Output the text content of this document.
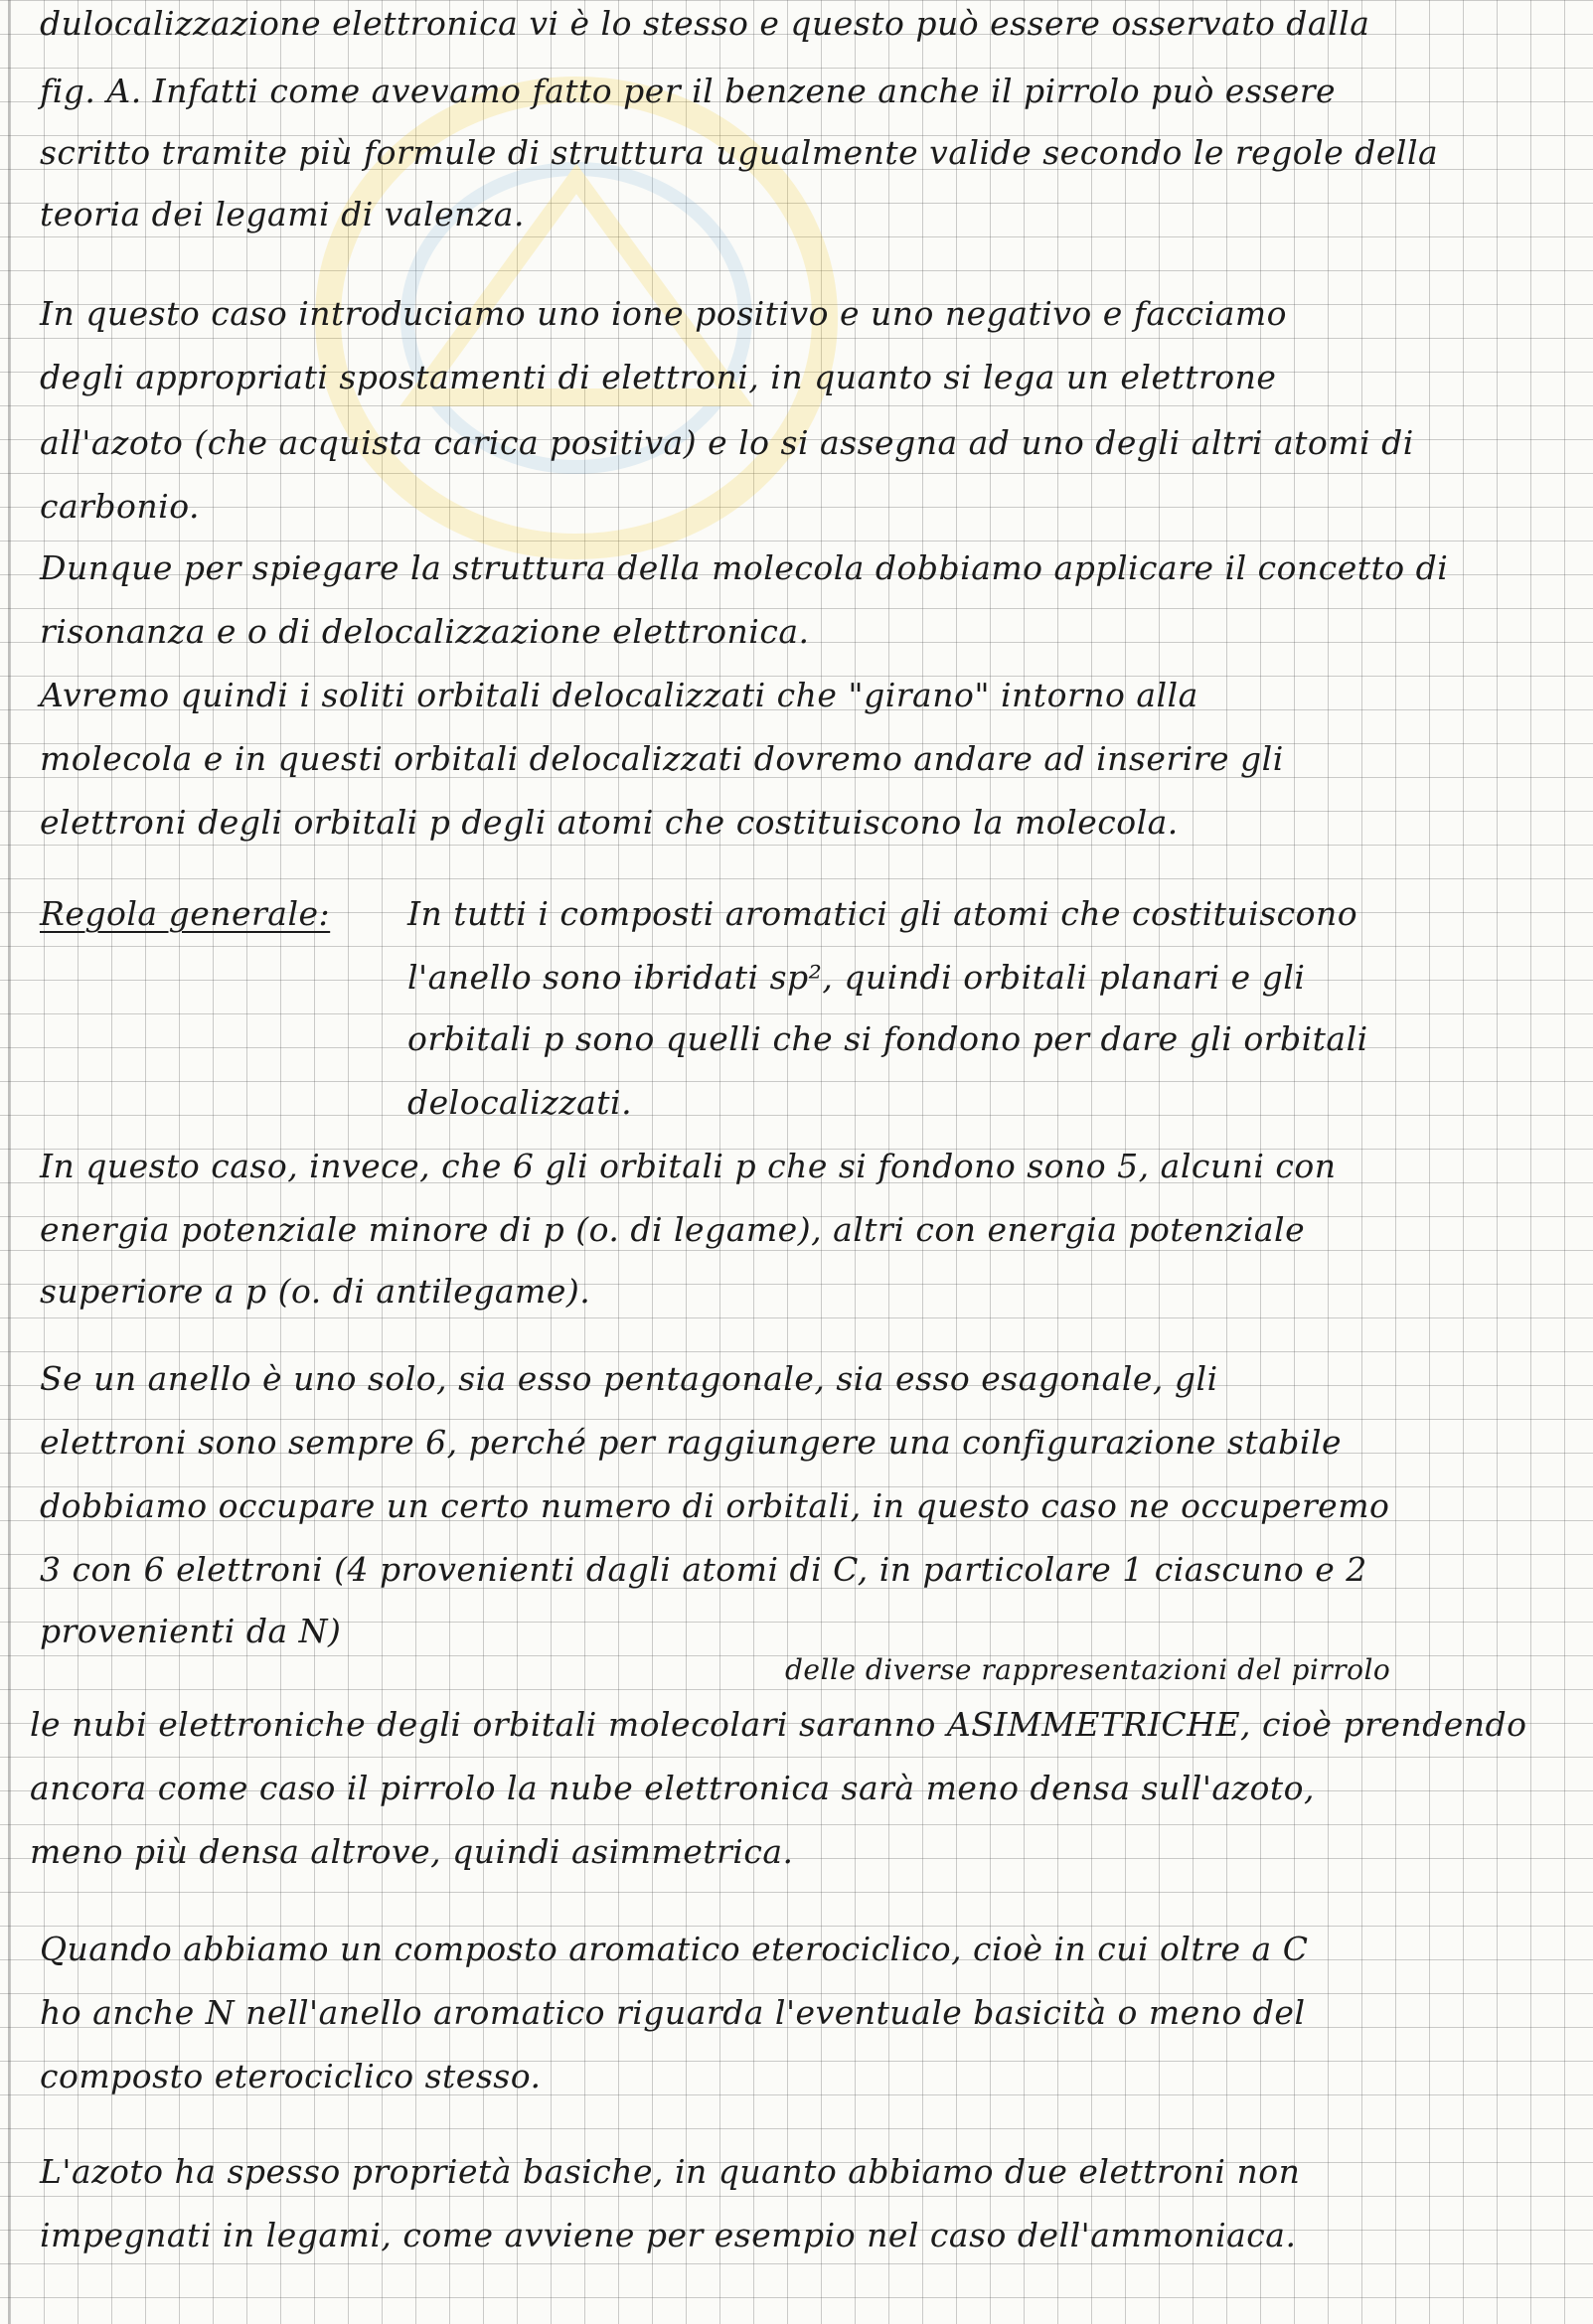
dulocalizzazione elettronica vi è lo stesso e questo può essere osservato dalla
fig. A. Infatti come avevamo fatto per il benzene anche il pirrolo può essere
scritto tramite più formule di struttura ugualmente valide secondo le regole della
teoria dei legami di valenza.
In questo caso introduciamo uno ione positivo e uno negativo e facciamo
degli appropriati spostamenti di elettroni, in quanto si lega un elettrone
all'azoto (che acquista carica positiva) e lo si assegna ad uno degli altri atomi di
carbonio.
Dunque per spiegare la struttura della molecola dobbiamo applicare il concetto di
risonanza e o di delocalizzazione elettronica.
Avremo quindi i soliti orbitali delocalizzati che "girano" intorno alla
molecola e in questi orbitali delocalizzati dovremo andare ad inserire gli
elettroni degli orbitali p degli atomi che costituiscono la molecola.
Regola generale: In tutti i composti aromatici gli atomi che costituiscono
l'anello sono ibridati sp², quindi orbitali planari e gli
orbitali p sono quelli che si fondono per dare gli orbitali
delocalizzati.
In questo caso, invece, che 6 gli orbitali p che si fondono sono 5, alcuni con
energia potenziale minore di p (o. di legame), altri con energia potenziale
superiore a p (o. di antilegame).
Se un anello è uno solo, sia esso pentagonale, sia esso esagonale, gli
elettroni sono sempre 6, perché per raggiungere una configurazione stabile
dobbiamo occupare un certo numero di orbitali, in questo caso ne occuperemo
3 con 6 elettroni (4 provenienti dagli atomi di C, in particolare 1 ciascuno e 2
provenienti da N)
delle diverse rappresentazioni del pirrolo
le nubi elettroniche degli orbitali molecolari saranno ASIMMETRICHE, cioè prendendo
ancora come caso il pirrolo la nube elettronica sarà meno densa sull'azoto,
meno più densa altrove, quindi asimmetrica.
Quando abbiamo un composto aromatico eterociclico, cioè in cui oltre a C
ho anche N nell'anello aromatico riguarda l'eventuale basicità o meno del
composto eterociclico stesso.
L'azoto ha spesso proprietà basiche, in quanto abbiamo due elettroni non
impegnati in legami, come avviene per esempio nel caso dell'ammoniaca.
